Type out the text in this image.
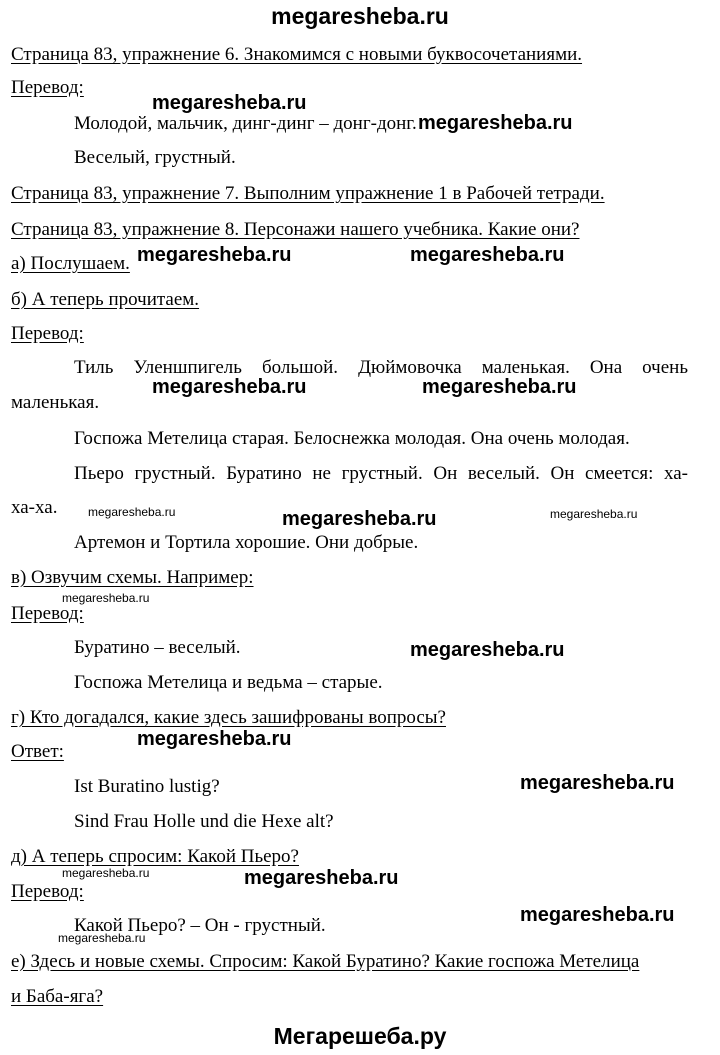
megaresheba.ru
Страница 83, упражнение 6. Знакомимся с новыми буквосочетаниями.
Перевод:
Молодой, мальчик, динг-динг – донг-донг.
Веселый, грустный.
Страница 83, упражнение 7. Выполним упражнение 1 в Рабочей тетради.
Страница 83, упражнение 8. Персонажи нашего учебника. Какие они?
а) Послушаем.
б) А теперь прочитаем.
Перевод:
Тиль Уленшпигель большой. Дюймовочка маленькая. Она очень
маленькая.
Госпожа Метелица старая. Белоснежка молодая. Она очень молодая.
Пьеро грустный. Буратино не грустный. Он веселый. Он смеется: ха-
ха-ха.
Артемон и Тортила хорошие. Они добрые.
в) Озвучим схемы. Например:
Перевод:
Буратино – веселый.
Госпожа Метелица и ведьма – старые.
г) Кто догадался, какие здесь зашифрованы вопросы?
Ответ:
Ist Buratino lustig?
Sind Frau Holle und die Hexe alt?
д) А теперь спросим: Какой Пьеро?
Перевод:
Какой Пьеро? – Он - грустный.
е) Здесь и новые схемы. Спросим: Какой Буратино? Какие госпожа Метелица
и Баба-яга?
megaresheba.ru
megaresheba.ru
megaresheba.ru	megaresheba.ru
megaresheba.ru	megaresheba.ru
megaresheba.ru	megaresheba.ru	megaresheba.ru
megaresheba.ru
megaresheba.ru
megaresheba.ru
megaresheba.ru
megaresheba.ru	megaresheba.ru
megaresheba.ru
megaresheba.ru
Мегарешеба.ру
